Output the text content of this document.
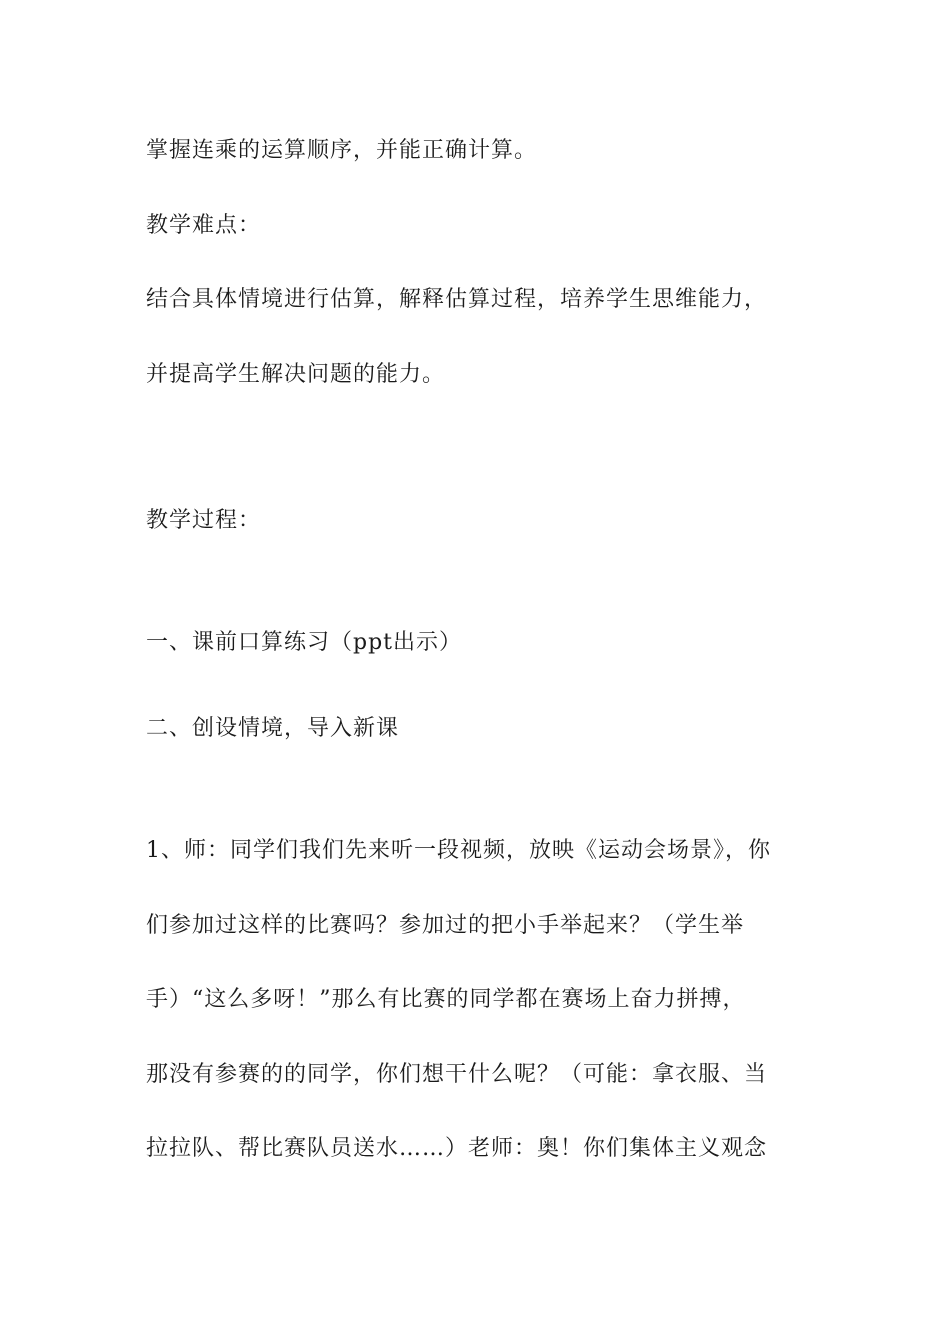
掌握连乘的运算顺序，并能正确计算。
教学难点：
结合具体情境进行估算，解释估算过程，培养学生思维能力，
并提高学生解决问题的能力。
教学过程：
一、课前口算练习（ppt出示）
二、创设情境，导入新课
1、师：同学们我们先来听一段视频，放映《运动会场景》，你
们参加过这样的比赛吗？参加过的把小手举起来？（学生举
手）“这么多呀！”那么有比赛的同学都在赛场上奋力拼搏，
那没有参赛的的同学，你们想干什么呢？（可能：拿衣服、当
拉拉队、帮比赛队员送水……）老师：奥！你们集体主义观念
